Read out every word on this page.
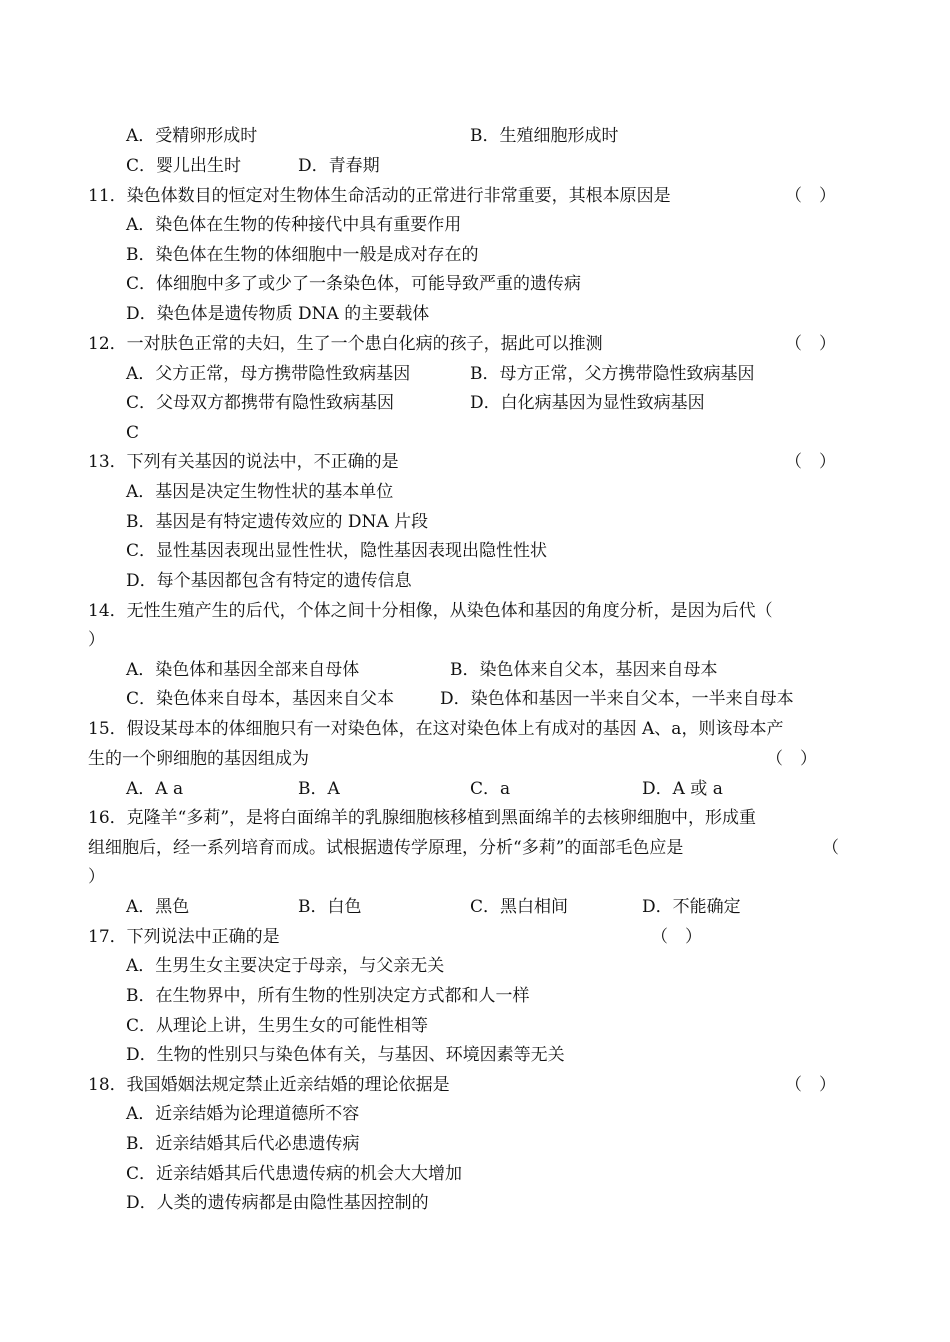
A．受精卵形成时	B．生殖细胞形成时
C．婴儿出生时	D．青春期
11．染色体数目的恒定对生物体生命活动的正常进行非常重要，其根本原因是	（　）
A．染色体在生物的传种接代中具有重要作用
B．染色体在生物的体细胞中一般是成对存在的
C．体细胞中多了或少了一条染色体，可能导致严重的遗传病
D．染色体是遗传物质 DNA 的主要载体
12．一对肤色正常的夫妇，生了一个患白化病的孩子，据此可以推测	（　）
A．父方正常，母方携带隐性致病基因	B．母方正常，父方携带隐性致病基因
C．父母双方都携带有隐性致病基因	D．白化病基因为显性致病基因
C
13．下列有关基因的说法中，不正确的是	（　）
A．基因是决定生物性状的基本单位
B．基因是有特定遗传效应的 DNA 片段
C．显性基因表现出显性性状，隐性基因表现出隐性性状
D．每个基因都包含有特定的遗传信息
14．无性生殖产生的后代，个体之间十分相像，从染色体和基因的角度分析，是因为后代（
）
A．染色体和基因全部来自母体	B．染色体来自父本，基因来自母本
C．染色体来自母本，基因来自父本	D．染色体和基因一半来自父本，一半来自母本
15．假设某母本的体细胞只有一对染色体，在这对染色体上有成对的基因 A、a，则该母本产
生的一个卵细胞的基因组成为	（　）
A．A a	B．A	C．a	D．A 或 a
16．克隆羊“多莉”，是将白面绵羊的乳腺细胞核移植到黑面绵羊的去核卵细胞中，形成重
组细胞后，经一系列培育而成。试根据遗传学原理，分析“多莉”的面部毛色应是	（
）
A．黑色	B．白色	C．黑白相间	D．不能确定
17．下列说法中正确的是	（　）
A．生男生女主要决定于母亲，与父亲无关
B．在生物界中，所有生物的性别决定方式都和人一样
C．从理论上讲，生男生女的可能性相等
D．生物的性别只与染色体有关，与基因、环境因素等无关
18．我国婚姻法规定禁止近亲结婚的理论依据是	（　）
A．近亲结婚为论理道德所不容
B．近亲结婚其后代必患遗传病
C．近亲结婚其后代患遗传病的机会大大增加
D．人类的遗传病都是由隐性基因控制的
